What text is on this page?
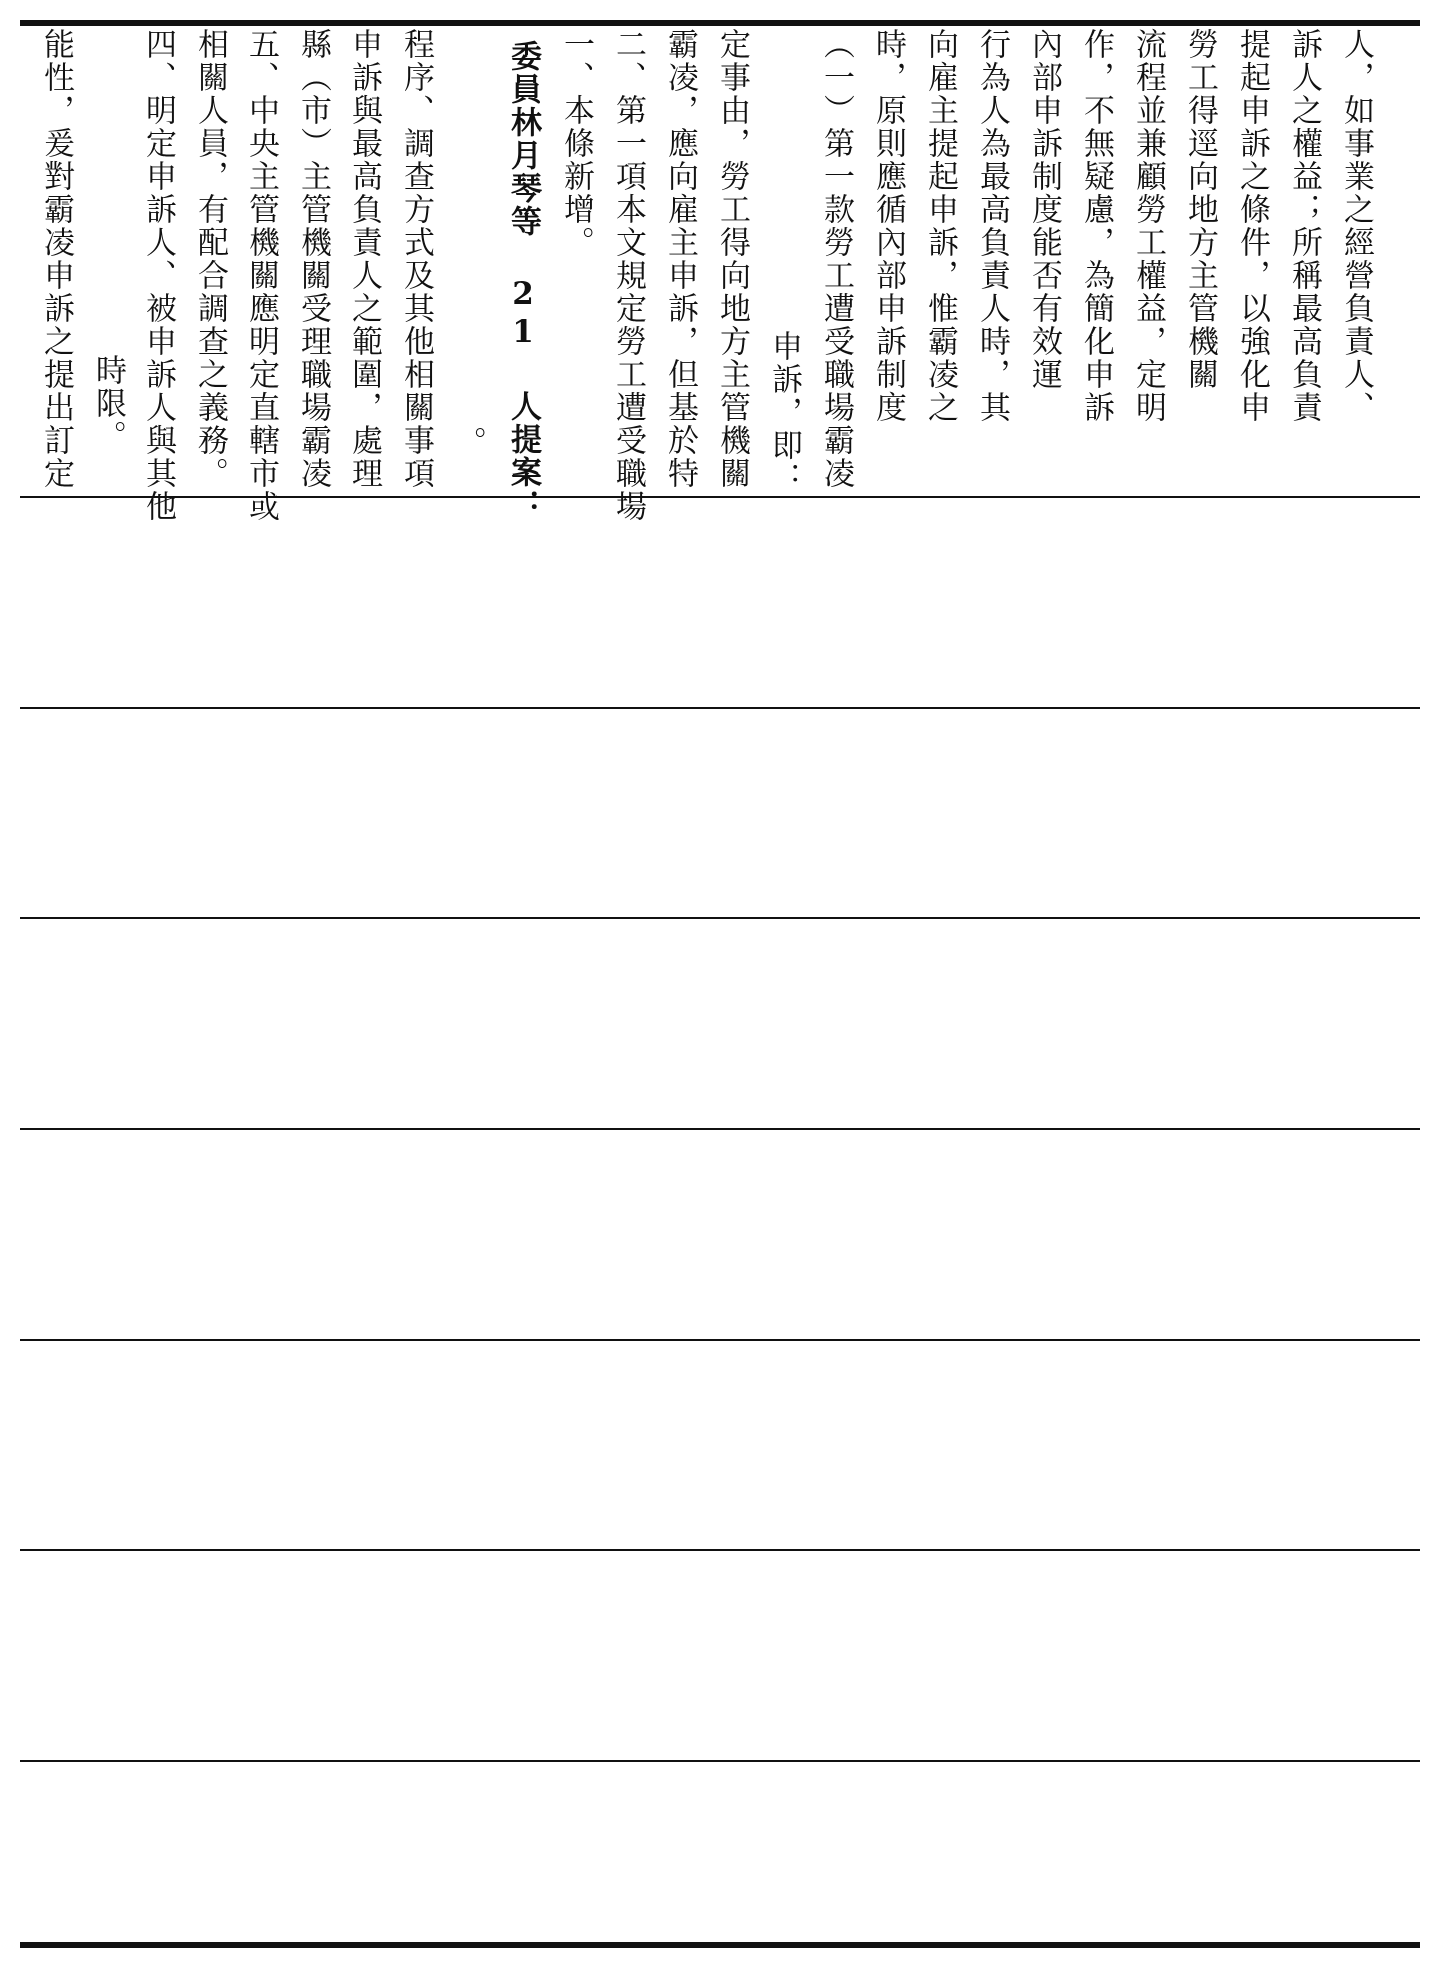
能性，爰對霸凌申訴之提出訂定 時限。 四、明定申訴人、被申訴人與其他 相關人員，有配合調查之義務。 五、中央主管機關應明定直轄市或 縣（市）主管機關受理職場霸凌 申訴與最高負責人之範圍，處理 程序、調查方式及其他相關事項 。 委員林月琴等 21 人提案： 一、本條新增。 二、第一項本文規定勞工遭受職場 霸凌，應向雇主申訴，但基於特 定事由，勞工得向地方主管機關 申訴，即： （一）第一款勞工遭受職場霸凌 時，原則應循內部申訴制度 向雇主提起申訴，惟霸凌之 行為人為最高負責人時，其 內部申訴制度能否有效運 作，不無疑慮，為簡化申訴 流程並兼顧勞工權益，定明 勞工得逕向地方主管機關 提起申訴之條件，以強化申 訴人之權益；所稱最高負責 人，如事業之經營負責人、
